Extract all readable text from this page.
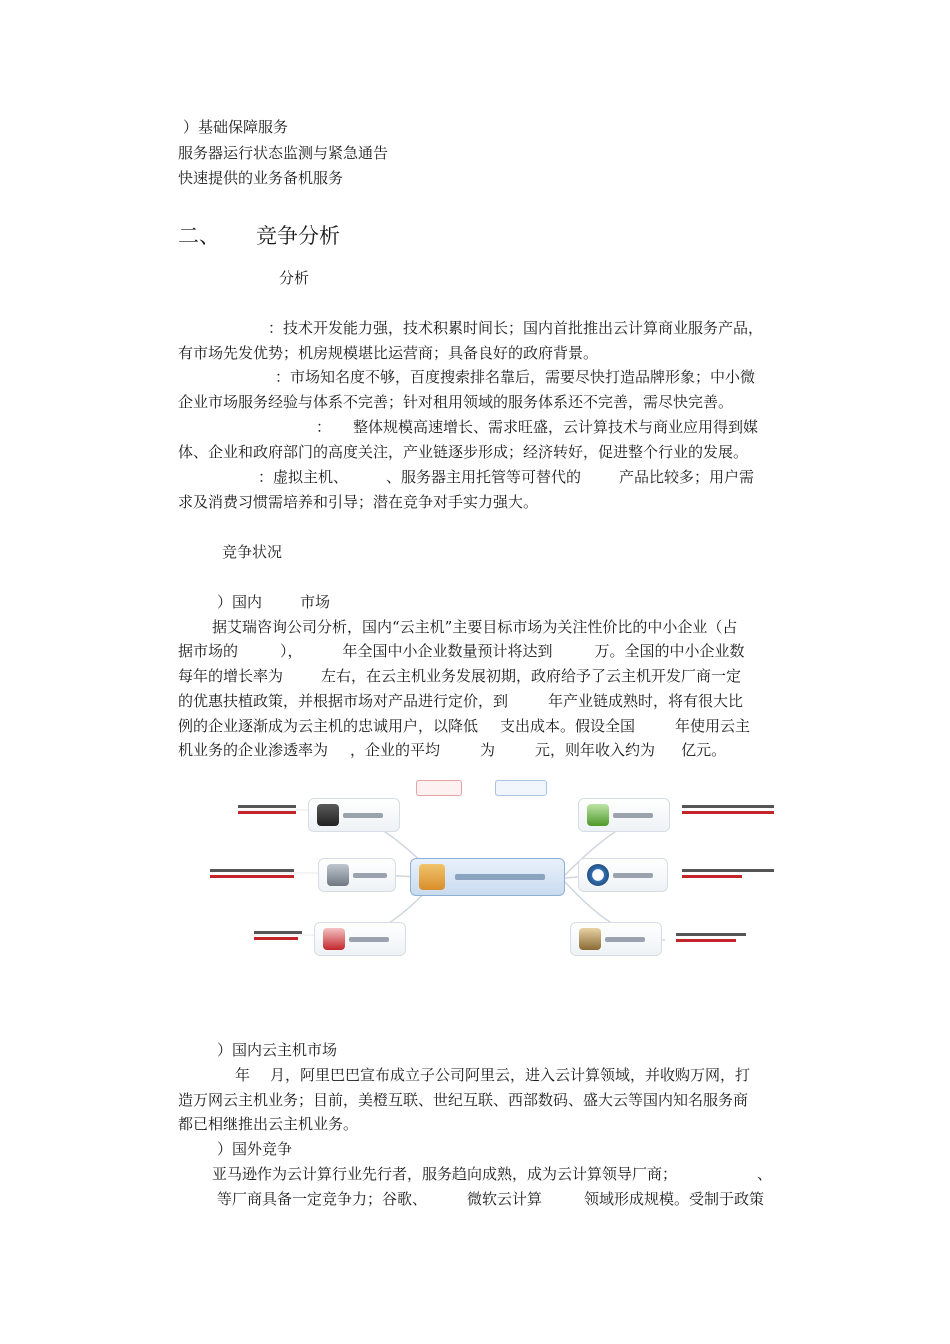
）基础保障服务
服务器运行状态监测与紧急通告
快速提供的业务备机服务
二、 竞争分析
分析
：技术开发能力强，技术积累时间长；国内首批推出云计算商业服务产品，
有市场先发优势；机房规模堪比运营商；具备良好的政府背景。
：市场知名度不够，百度搜索排名靠后，需要尽快打造品牌形象；中小微
企业市场服务经验与体系不完善；针对租用领域的服务体系还不完善，需尽快完善。
： 整体规模高速增长、需求旺盛，云计算技术与商业应用得到媒
体、企业和政府部门的高度关注，产业链逐步形成；经济转好，促进整个行业的发展。
：虚拟主机、	、服务器主用托管等可替代的	产品比较多；用户需
求及消费习惯需培养和引导；潜在竞争对手实力强大。
竞争状况
）国内	市场
据艾瑞咨询公司分析，国内“云主机”主要目标市场为关注性价比的中小企业（占
据市场的	），	年全国中小企业数量预计将达到	万。全国的中小企业数
每年的增长率为	左右，在云主机业务发展初期，政府给予了云主机开发厂商一定
的优惠扶植政策，并根据市场对产品进行定价，到	年产业链成熟时，将有很大比
例的企业逐渐成为云主机的忠诚用户，以降低 支出成本。假设全国	年使用云主
机业务的企业渗透率为 ，企业的平均	为	元，则年收入约为 亿元。
）国内云主机市场
年 月，阿里巴巴宣布成立子公司阿里云，进入云计算领域，并收购万网，打
造万网云主机业务；目前，美橙互联、世纪互联、西部数码、盛大云等国内知名服务商
都已相继推出云主机业务。
）国外竞争
亚马逊作为云计算行业先行者，服务趋向成熟，成为云计算领导厂商；	、
等厂商具备一定竞争力；谷歌、	微软云计算	领域形成规模。受制于政策
